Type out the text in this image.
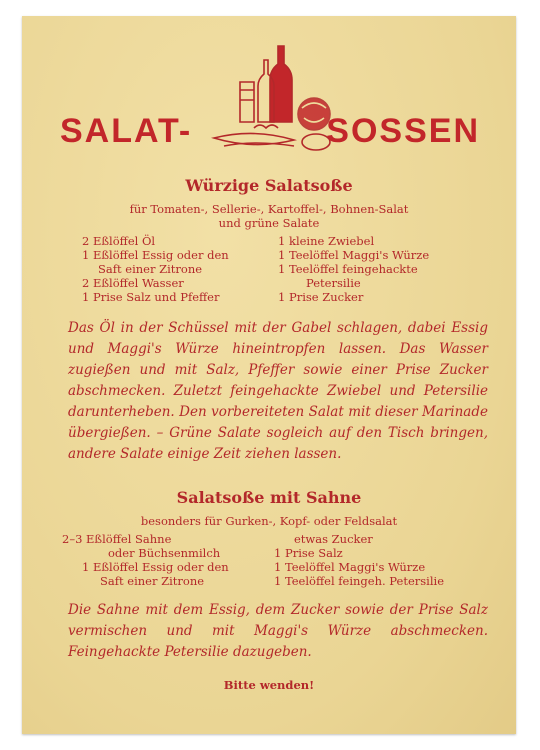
SALAT-	SOSSEN
Würzige Salatsoße
für Tomaten-, Sellerie-, Kartoffel-, Bohnen-Salat
und grüne Salate
2 Eßlöffel Öl
1 Eßlöffel Essig oder den
Saft einer Zitrone
2 Eßlöffel Wasser
1 Prise Salz und Pfeffer
1 kleine Zwiebel
1 Teelöffel Maggi's Würze
1 Teelöffel feingehackte
Petersilie
1 Prise Zucker
Das Öl in der Schüssel mit der Gabel schlagen, dabei Essig und Maggi's Würze hineintropfen lassen. Das Wasser zugießen und mit Salz, Pfeffer sowie einer Prise Zucker abschmecken. Zuletzt feingehackte Zwiebel und Petersilie darunterheben. Den vorbereiteten Salat mit dieser Marinade übergießen. – Grüne Salate sogleich auf den Tisch bringen, andere Salate einige Zeit ziehen lassen.
Salatsoße mit Sahne
besonders für Gurken-, Kopf- oder Feldsalat
2–3 Eßlöffel Sahne
oder Büchsenmilch
1 Eßlöffel Essig oder den
Saft einer Zitrone
etwas Zucker
1 Prise Salz
1 Teelöffel Maggi's Würze
1 Teelöffel feingeh. Petersilie
Die Sahne mit dem Essig, dem Zucker sowie der Prise Salz vermischen und mit Maggi's Würze abschmecken. Feingehackte Petersilie dazugeben.
Bitte wenden!
